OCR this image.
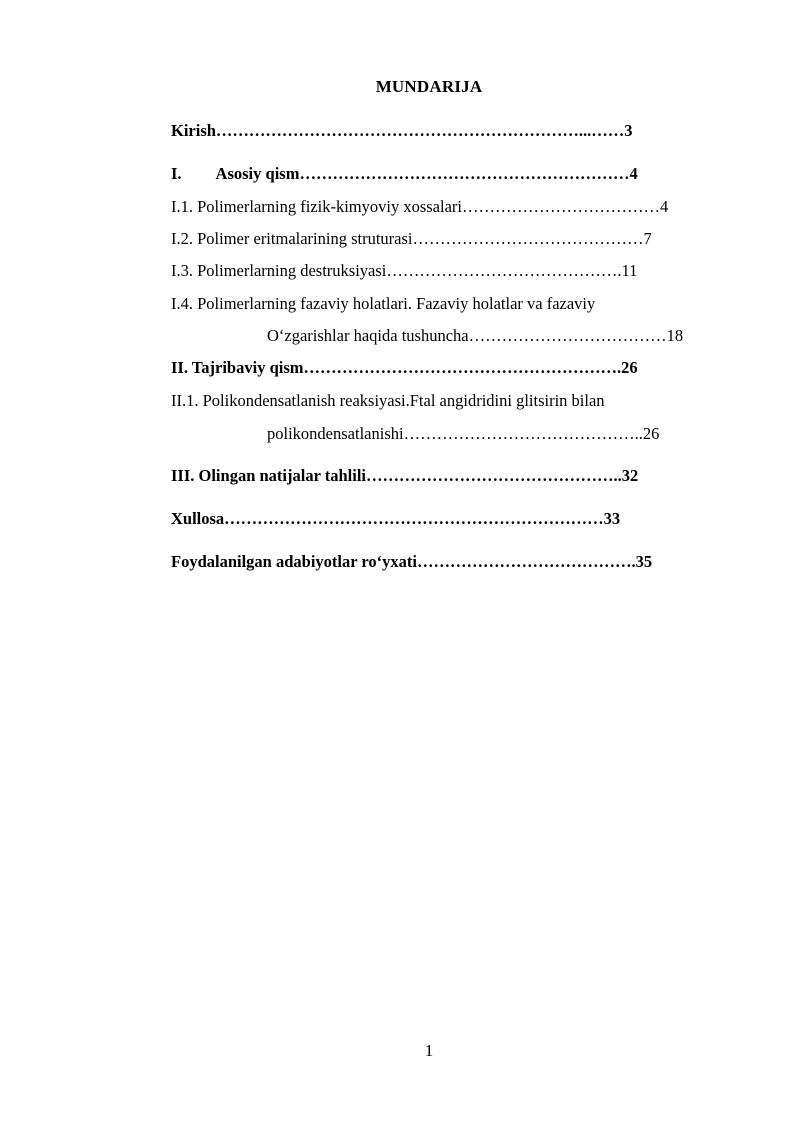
MUNDARIJA
Kirish…………………………………………………………...……3
I. Asosiy qism……………………………………………………4
I.1. Polimerlarning fizik-kimyoviy xossalari………………………………4
I.2. Polimer eritmalarining struturasi……………………………………7
I.3. Polimerlarning destruksiyasi…………………………………….11
I.4. Polimerlarning fazaviy holatlari. Fazaviy holatlar va fazaviy
O‘zgarishlar haqida tushuncha………………………………18
II. Tajribaviy qism………………………………………………….26
II.1. Polikondensatlanish reaksiyasi.Ftal angidridini glitsirin bilan
polikondensatlanishi……………………………………..26
III. Olingan natijalar tahlili………………………………………..32
Xullosa……………………………………………………………33
Foydalanilgan adabiyotlar ro‘yxati………………………………….35
1
